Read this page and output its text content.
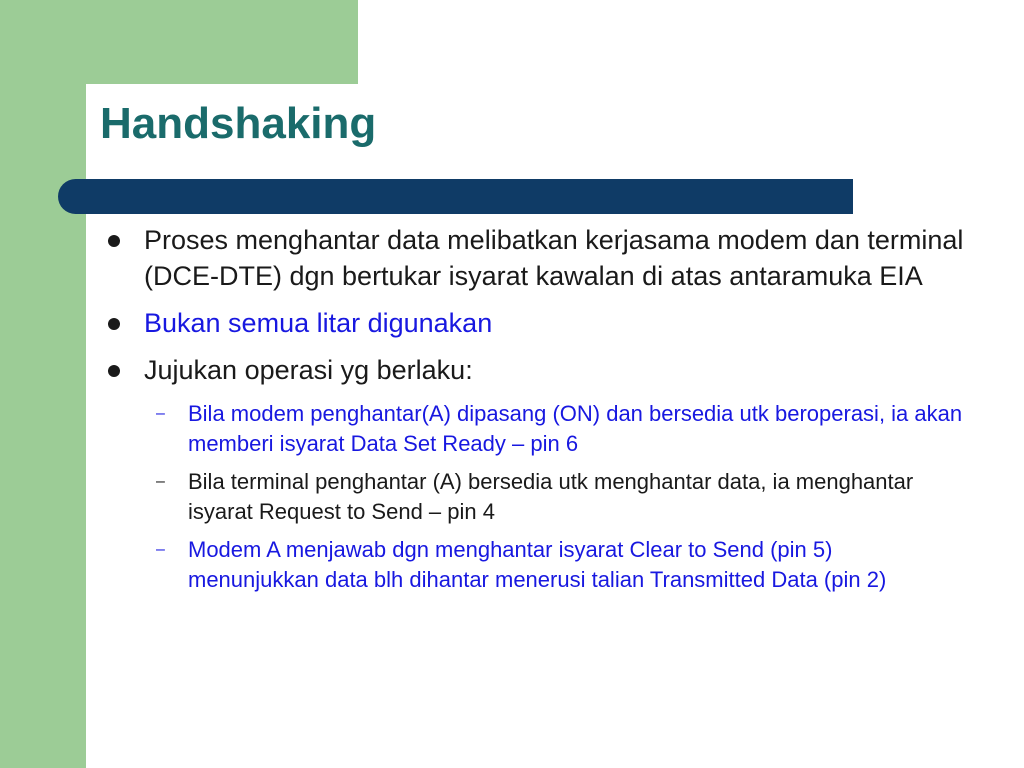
Handshaking
Proses menghantar data melibatkan kerjasama modem dan terminal (DCE-DTE) dgn bertukar isyarat kawalan di atas antaramuka EIA
Bukan semua litar digunakan
Jujukan operasi yg berlaku:
– Bila modem penghantar(A) dipasang (ON) dan bersedia utk beroperasi, ia akan memberi isyarat Data Set Ready – pin 6
– Bila terminal penghantar (A) bersedia utk menghantar data, ia menghantar isyarat Request to Send – pin 4
– Modem A menjawab dgn menghantar isyarat Clear to Send (pin 5) menunjukkan data blh dihantar menerusi talian Transmitted Data (pin 2)
